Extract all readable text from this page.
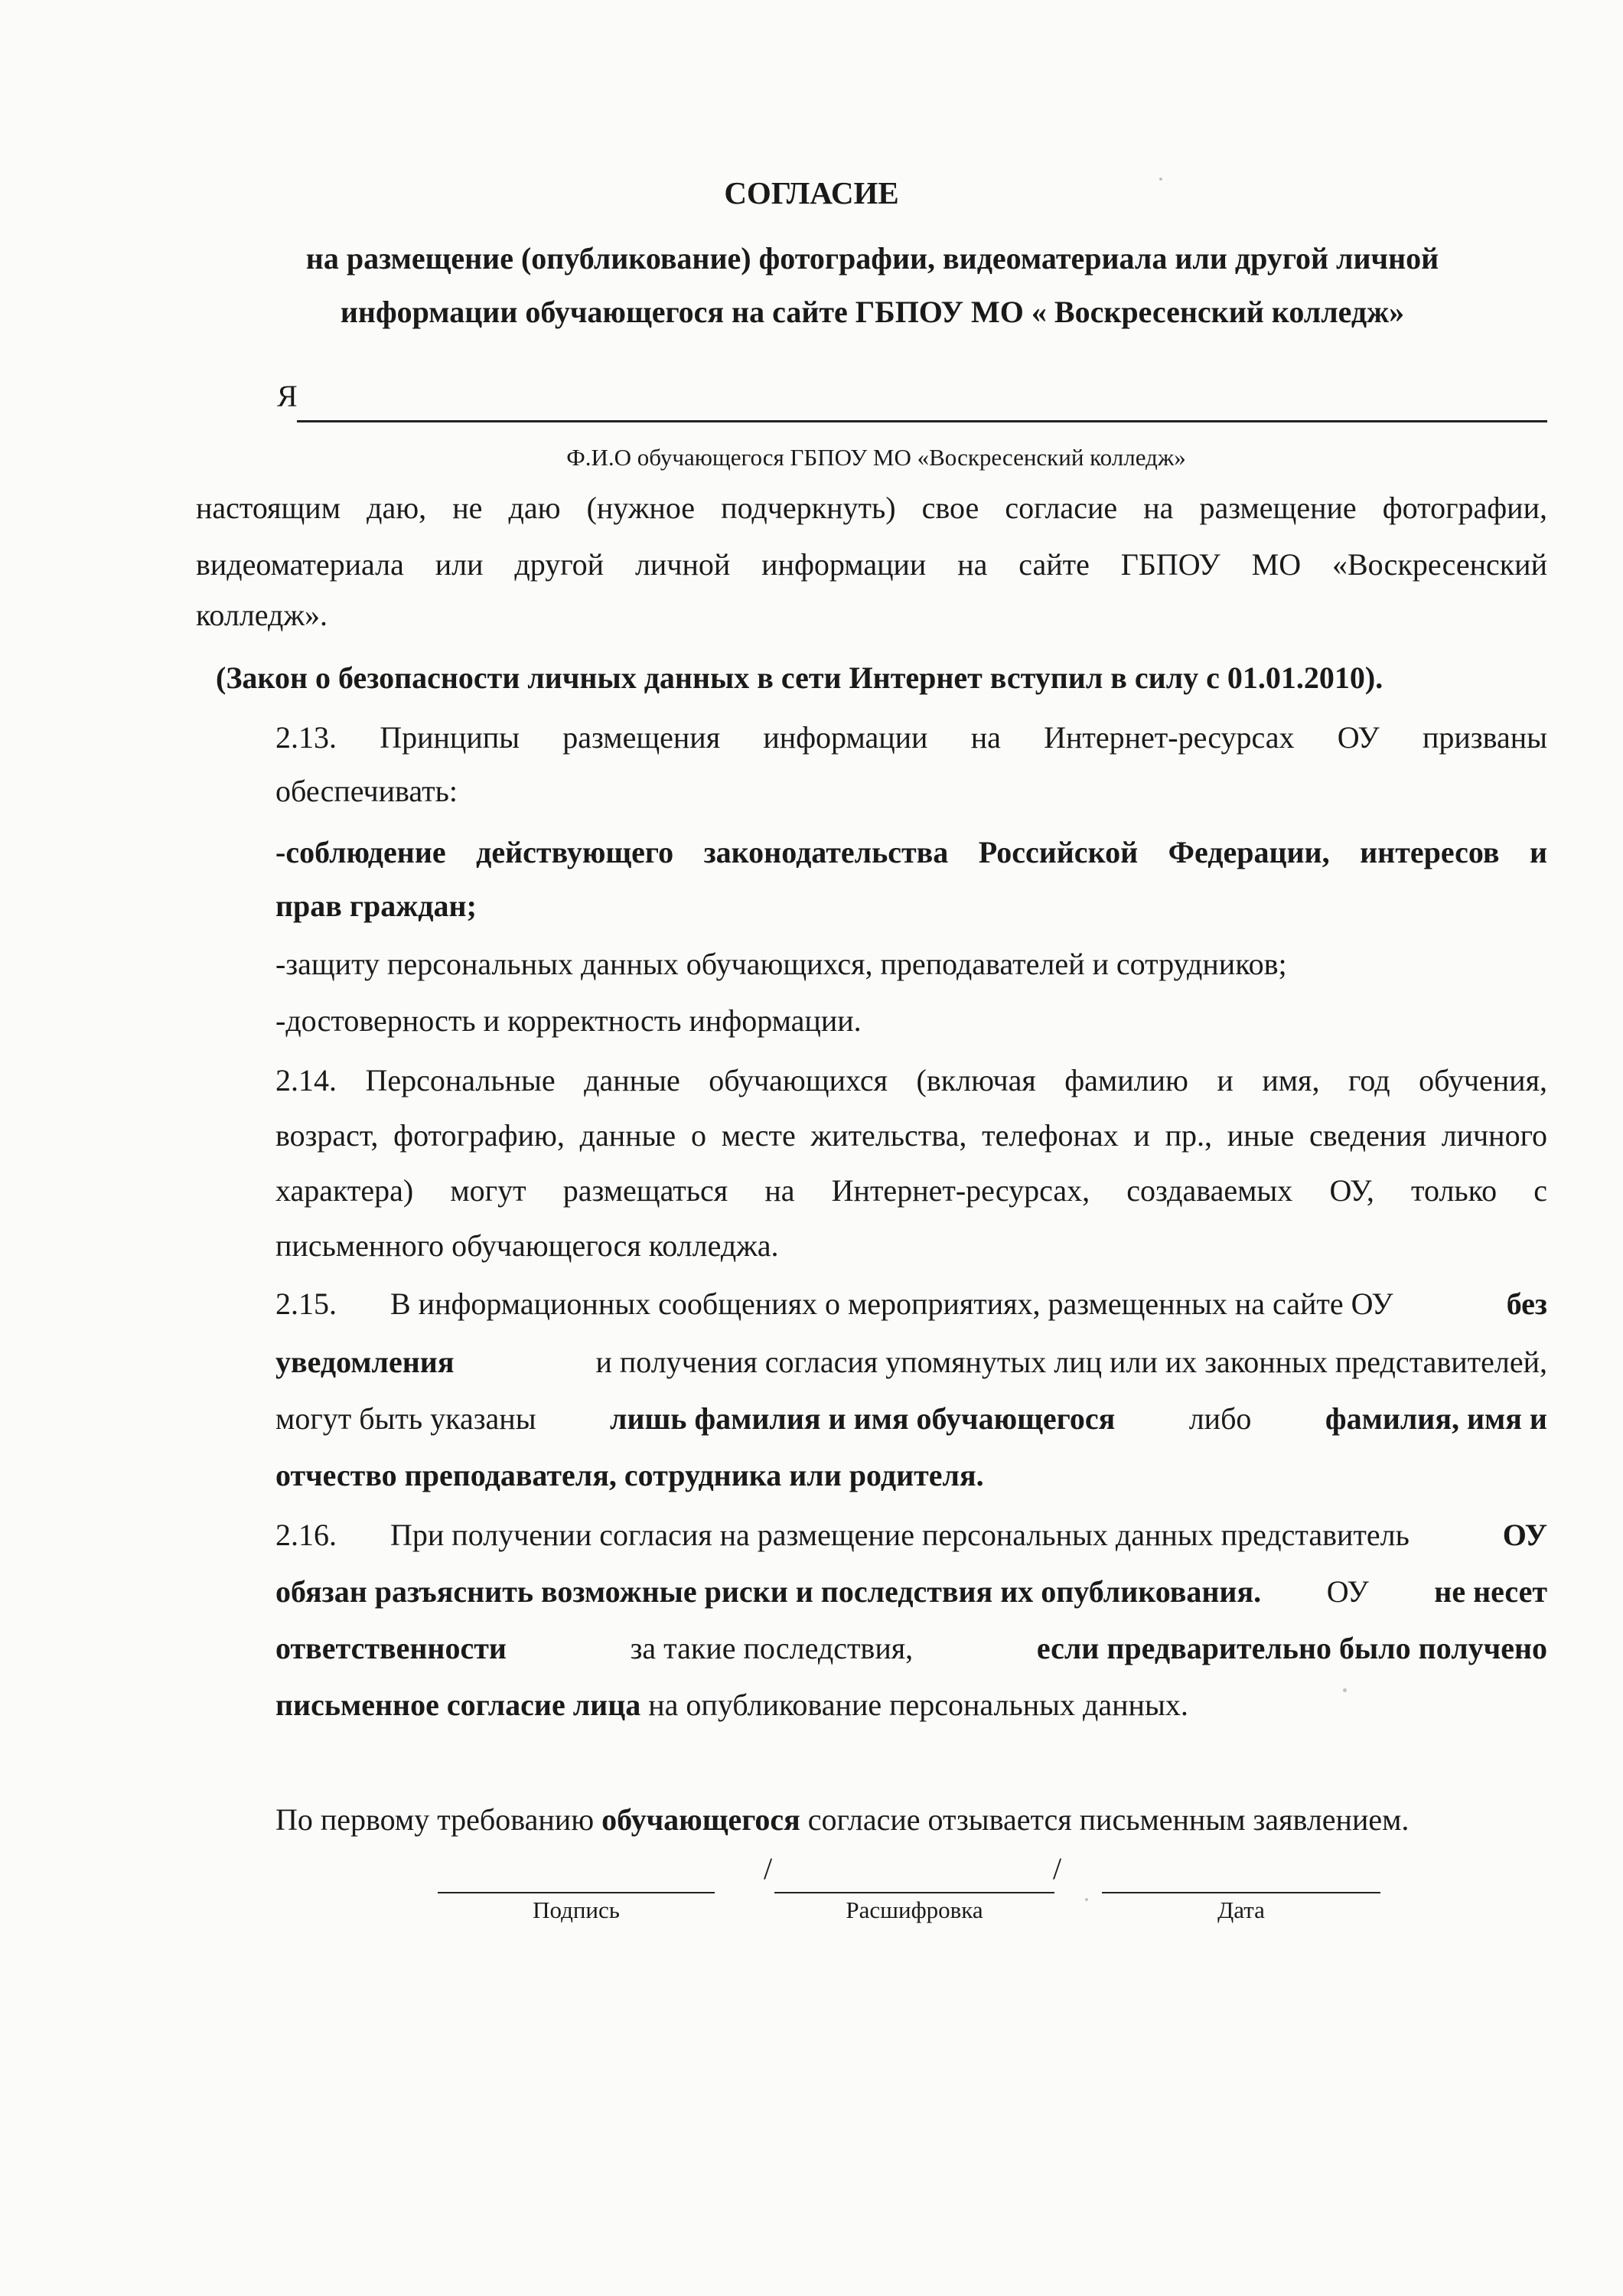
СОГЛАСИЕ
на размещение (опубликование) фотографии, видеоматериала или другой личной
информации обучающегося на сайте ГБПОУ МО « Воскресенский колледж»
Я
Ф.И.О обучающегося ГБПОУ МО «Воскресенский колледж»
настоящим даю, не даю (нужное подчеркнуть) свое согласие на размещение фотографии,
видеоматериала или другой личной информации на сайте ГБПОУ МО «Воскресенский
колледж».
(Закон о безопасности личных данных в сети Интернет вступил в силу с 01.01.2010).
2.13. Принципы размещения информации на Интернет-ресурсах ОУ призваны
обеспечивать:
-соблюдение действующего законодательства Российской Федерации, интересов и
прав граждан;
-защиту персональных данных обучающихся, преподавателей и сотрудников;
-достоверность и корректность информации.
2.14. Персональные данные обучающихся (включая фамилию и имя, год обучения,
возраст, фотографию, данные о месте жительства, телефонах и пр., иные сведения личного
характера) могут размещаться на Интернет-ресурсах, создаваемых ОУ, только с
письменного обучающегося колледжа.
2.15. В информационных сообщениях о мероприятиях, размещенных на сайте ОУ	без
уведомления	и получения согласия упомянутых лиц или их законных представителей,
могут быть указаны лишь фамилия и имя обучающегося либо фамилия, имя и
отчество преподавателя, сотрудника или родителя.
2.16. При получении согласия на размещение персональных данных представитель	ОУ
обязан разъяснить возможные риски и последствия их опубликования. ОУ не несет
ответственности	за такие последствия,	если предварительно было получено
письменное согласие лица на опубликование персональных данных.
По первому требованию обучающегося согласие отзывается письменным заявлением.
/	/
Подпись	Расшифровка	Дата
